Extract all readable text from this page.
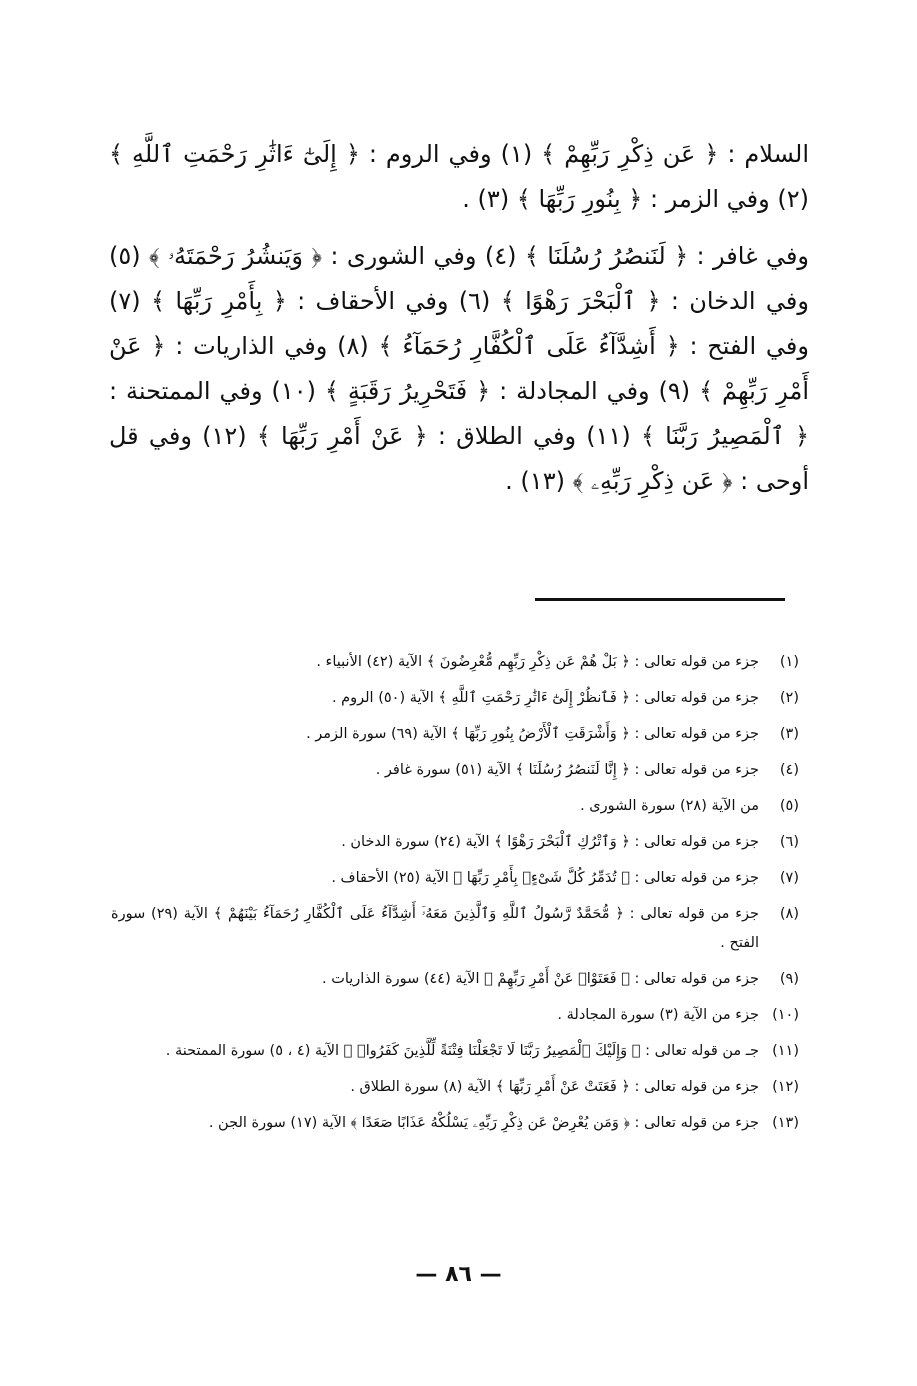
السلام : ﴿ عَن ذِكْرِ رَبِّهِمْ ﴾ (١) وفي الروم : ﴿ إِلَىٰٓ ءَاثَٰرِ رَحْمَتِ ٱللَّهِ ﴾ (٢) وفي الزمر : ﴿ بِنُورِ رَبِّهَا ﴾ (٣) .

وفي غافر : ﴿ لَنَنصُرُ رُسُلَنَا ﴾ (٤) وفي الشورى : ﴿ وَيَنشُرُ رَحْمَتَهُۥ ﴾ (٥) وفي الدخان : ﴿ ٱلْبَحْرَ رَهْوًا ﴾ (٦) وفي الأحقاف : ﴿ بِأَمْرِ رَبِّهَا ﴾ (٧) وفي الفتح : ﴿ أَشِدَّآءُ عَلَى ٱلْكُفَّارِ رُحَمَآءُ ﴾ (٨) وفي الذاريات : ﴿ عَنْ أَمْرِ رَبِّهِمْ ﴾ (٩) وفي المجادلة : ﴿ فَتَحْرِيرُ رَقَبَةٍ ﴾ (١٠) وفي الممتحنة : ﴿ ٱلْمَصِيرُ رَبَّنَا ﴾ (١١) وفي الطلاق : ﴿ عَنْ أَمْرِ رَبِّهَا ﴾ (١٢) وفي قل أوحى : ﴿ عَن ذِكْرِ رَبِّهِۦ ﴾ (١٣) .

(١)
جزء من قوله تعالى : ﴿ بَلْ هُمْ عَن ذِكْرِ رَبِّهِم مُّعْرِضُونَ ﴾ الآية (٤٢) الأنبياء .
(٢)
جزء من قوله تعالى : ﴿ فَٱنظُرْ إِلَىٰٓ ءَاثَٰرِ رَحْمَتِ ٱللَّهِ ﴾ الآية (٥٠) الروم .
(٣)
جزء من قوله تعالى : ﴿ وَأَشْرَقَتِ ٱلْأَرْضُ بِنُورِ رَبِّهَا ﴾ الآية (٦٩) سورة الزمر .
(٤)
جزء من قوله تعالى : ﴿ إِنَّا لَنَنصُرُ رُسُلَنَا ﴾ الآية (٥١) سورة غافر .
(٥)
من الآية (٢٨) سورة الشورى .
(٦)
جزء من قوله تعالى : ﴿ وَٱتْرُكِ ٱلْبَحْرَ رَهْوًا ﴾ الآية (٢٤) سورة الدخان .
(٧)
جزء من قوله تعالى : ﴿ تُدَمِّرُ كُلَّ شَىْءٍۭ بِأَمْرِ رَبِّهَا ﴾ الآية (٢٥) الأحقاف .
(٨)
جزء من قوله تعالى : ﴿ مُّحَمَّدٌ رَّسُولُ ٱللَّهِ وَٱلَّذِينَ مَعَهُۥٓ أَشِدَّآءُ عَلَى ٱلْكُفَّارِ رُحَمَآءُ بَيْنَهُمْ ﴾ الآية (٢٩) سورة الفتح .
(٩)
جزء من قوله تعالى : ﴿ فَعَتَوْا۟ عَنْ أَمْرِ رَبِّهِمْ ﴾ الآية (٤٤) سورة الذاريات .
(١٠)
جزء من الآية (٣) سورة المجادلة .
(١١)
جـ من قوله تعالى : ﴿ وَإِلَيْكَ ٱلْمَصِيرُ رَبَّنَا لَا تَجْعَلْنَا فِتْنَةً لِّلَّذِينَ كَفَرُوا۟ ﴾ الآية (٤ ، ٥) سورة الممتحنة .
(١٢)
جزء من قوله تعالى : ﴿ فَعَتَتْ عَنْ أَمْرِ رَبِّهَا ﴾ الآية (٨) سورة الطلاق .
(١٣)
جزء من قوله تعالى : ﴿ وَمَن يُعْرِضْ عَن ذِكْرِ رَبِّهِۦ يَسْلُكْهُ عَذَابًا صَعَدًا ﴾ الآية (١٧) سورة الجن .
— ٨٦ —
